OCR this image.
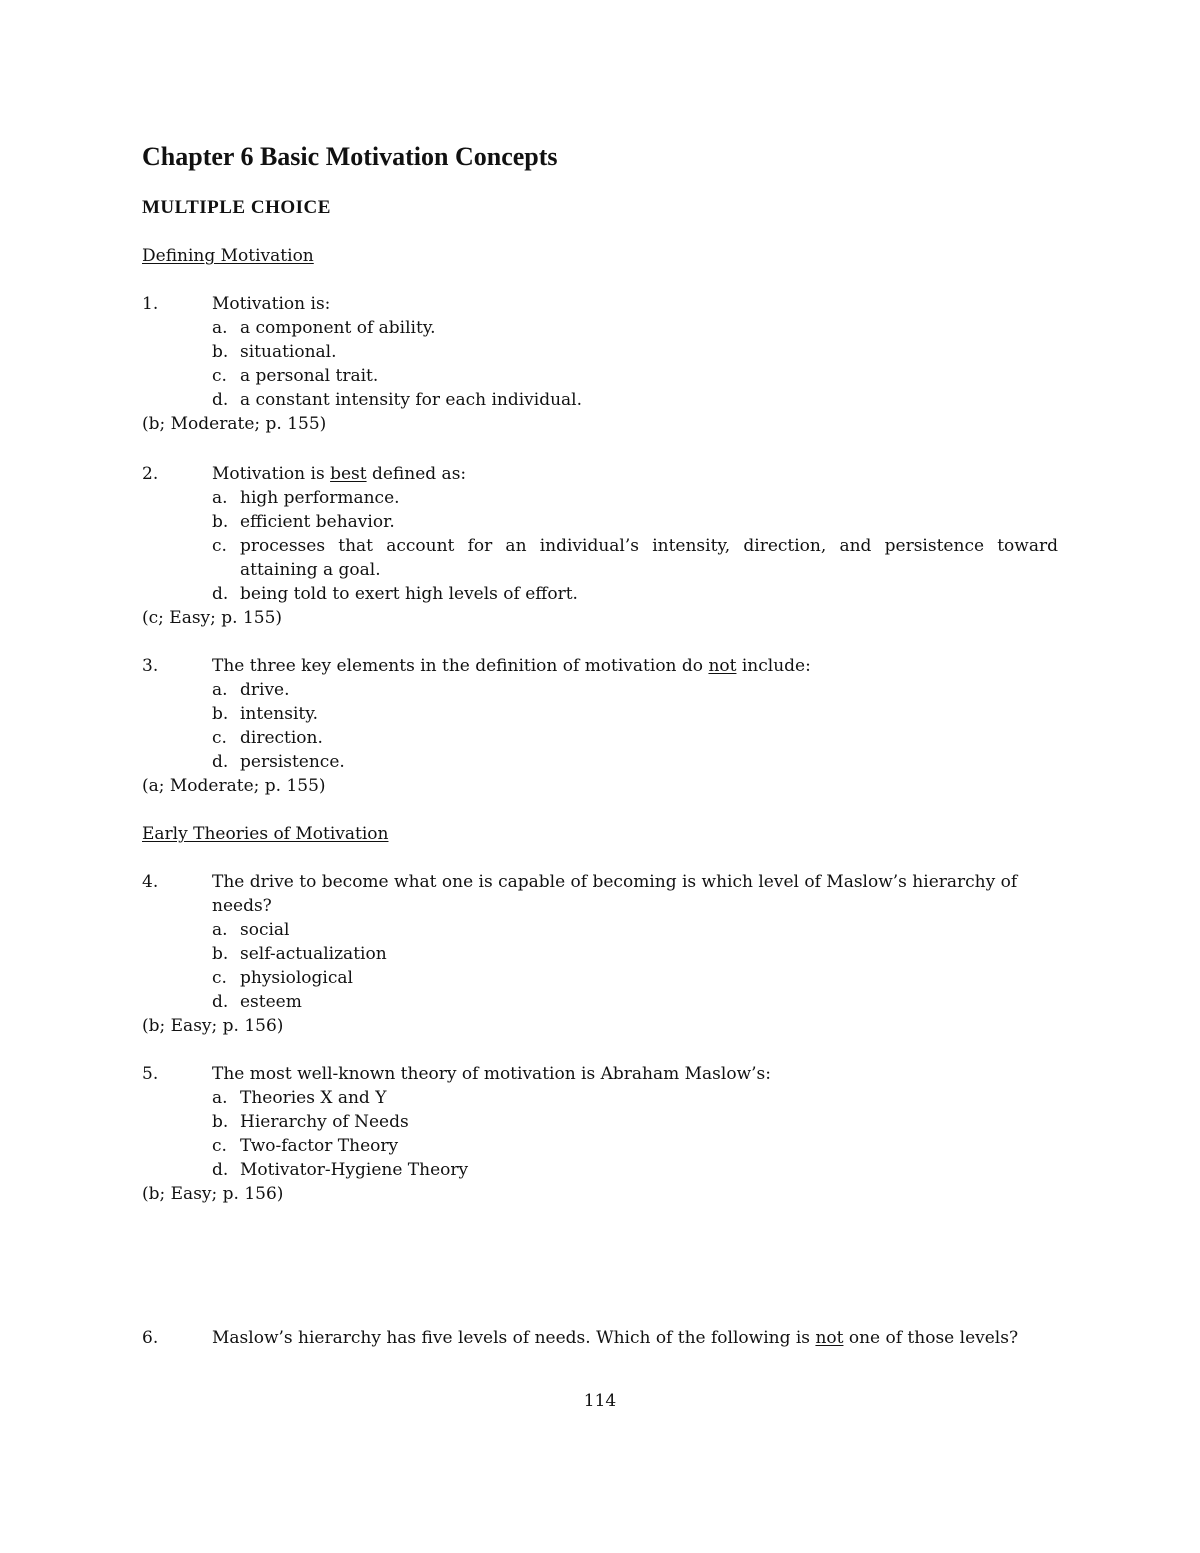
Chapter 6 Basic Motivation Concepts
MULTIPLE CHOICE
Defining Motivation
1.	Motivation is:
a. a component of ability.
b. situational.
c. a personal trait.
d. a constant intensity for each individual.

(b; Moderate; p. 155)

2.	Motivation is best defined as:
a. high performance.
b. efficient behavior.
c. processes that account for an individual’s intensity, direction, and persistence toward attaining a goal.
d. being told to exert high levels of effort.

(c; Easy; p. 155)

3.	The three key elements in the definition of motivation do not include:
a. drive.
b. intensity.
c. direction.
d. persistence.

(a; Moderate; p. 155)

Early Theories of Motivation
4.	The drive to become what one is capable of becoming is which level of Maslow’s hierarchy of needs?
a. social
b. self-actualization
c. physiological
d. esteem

(b; Easy; p. 156)

5.	The most well-known theory of motivation is Abraham Maslow’s:
a. Theories X and Y
b. Hierarchy of Needs
c. Two-factor Theory
d. Motivator-Hygiene Theory

(b; Easy; p. 156)

6.	Maslow’s hierarchy has five levels of needs. Which of the following is not one of those levels?
114
